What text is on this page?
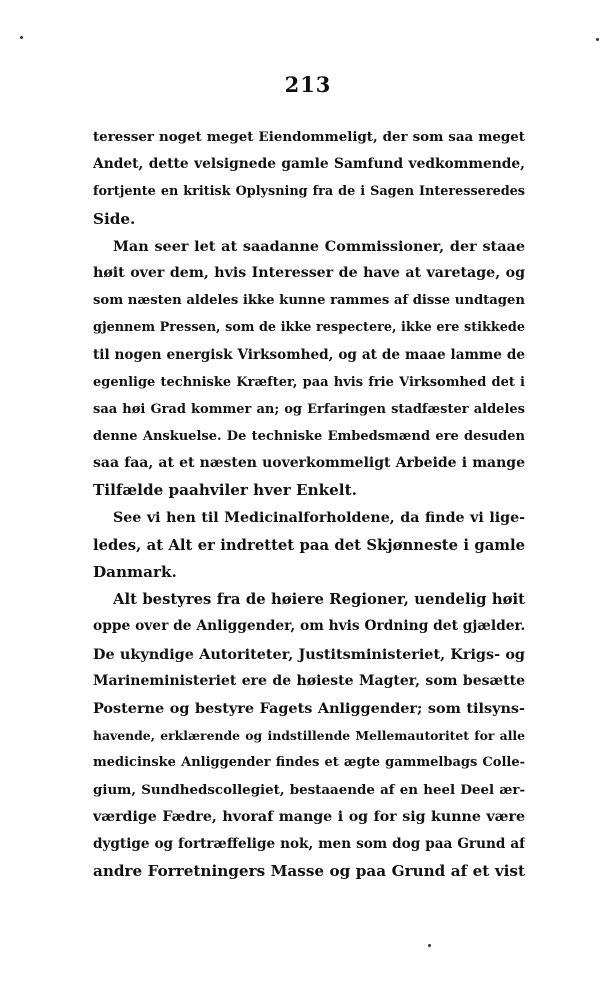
213
teresser noget meget Eiendommeligt, der som saa meget
Andet, dette velsignede gamle Samfund vedkommende,
fortjente en kritisk Oplysning fra de i Sagen Interesseredes
Side.
Man seer let at saadanne Commissioner, der staae
høit over dem, hvis Interesser de have at varetage, og
som næsten aldeles ikke kunne rammes af disse undtagen
gjennem Pressen, som de ikke respectere, ikke ere stikkede
til nogen energisk Virksomhed, og at de maae lamme de
egenlige techniske Kræfter, paa hvis frie Virksomhed det i
saa høi Grad kommer an; og Erfaringen stadfæster aldeles
denne Anskuelse. De techniske Embedsmænd ere desuden
saa faa, at et næsten uoverkommeligt Arbeide i mange
Tilfælde paahviler hver Enkelt.
See vi hen til Medicinalforholdene, da finde vi lige-
ledes, at Alt er indrettet paa det Skjønneste i gamle
Danmark.
Alt bestyres fra de høiere Regioner, uendelig høit
oppe over de Anliggender, om hvis Ordning det gjælder.
De ukyndige Autoriteter, Justitsministeriet, Krigs- og
Marineministeriet ere de høieste Magter, som besætte
Posterne og bestyre Fagets Anliggender; som tilsyns-
havende, erklærende og indstillende Mellemautoritet for alle
medicinske Anliggender findes et ægte gammelbags Colle-
gium, Sundhedscollegiet, bestaaende af en heel Deel ær-
værdige Fædre, hvoraf mange i og for sig kunne være
dygtige og fortræffelige nok, men som dog paa Grund af
andre Forretningers Masse og paa Grund af et vist
